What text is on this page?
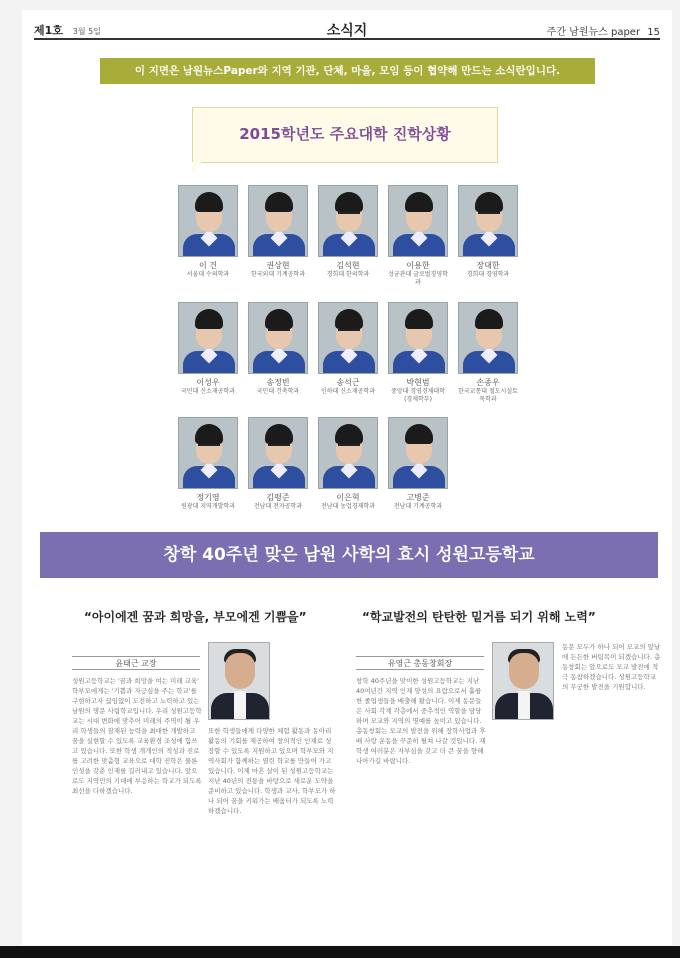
제1호 3월 5일	소식지	주간 남원뉴스 paper 15
이 지면은 남원뉴스Paper와 지역 기관, 단체, 마을, 모임 등이 협약해 만드는 소식란입니다.
2015학년도 주요대학 진학상황
이 건
서울대 수의학과
권상현
한국외대 기계공학과
김석현
경희대 한의학과
이용한
성균관대 글로벌경영학과
장대한
경희대 경영학과
이성우
국민대 신소재공학과
송정빈
국민대 건축학과
송석근
인하대 신소재공학과
박현범
중앙대 경영경제대학 (경제학부)
손종우
한국교통대 철도시설토목학과
정기영
원광대 지역개발학과
김평준
전남대 전자공학과
이은혁
전남대 농업경제학과
고병준
전남대 기계공학과
창학 40주년 맞은 남원 사학의 효시 성원고등학교
“아이에겐 꿈과 희망을, 부모에겐 기쁨을”
윤태근 교장

성원고등학교는 '꿈과 희망을 여는 미래 교육' 학부모에게는 '기쁨과 자긍심을 주는 학교'를 구현하고자 끊임없이 도전하고 노력하고 있는 남원의 명문 사립학교입니다. 우리 성원고등학교는 시대 변화에 맞추어 미래의 주역이 될 우리 학생들의 잠재된 능력을 최대한 개발하고 꿈을 실현할 수 있도록 교육환경 조성에 힘쓰고 있습니다. 또한 학생 개개인의 적성과 진로를 고려한 맞춤형 교육으로 대학 진학은 물론 인성을 갖춘 인재를 길러내고 있습니다. 앞으로도 지역민의 기대에 부응하는 학교가 되도록 최선을 다하겠습니다.

또한 학생들에게 다양한 체험 활동과 동아리 활동의 기회를 제공하여 창의적인 인재로 성장할 수 있도록 지원하고 있으며 학부모와 지역사회가 함께하는 열린 학교를 만들어 가고 있습니다. 이제 마흔 살이 된 성원고등학교는 지난 40년의 전통을 바탕으로 새로운 도약을 준비하고 있습니다. 학생과 교사, 학부모가 하나 되어 꿈을 키워가는 배움터가 되도록 노력하겠습니다.

“학교발전의 탄탄한 밑거름 되기 위해 노력”
유영근 총동창회장

창학 40주년을 맞이한 성원고등학교는 지난 40여년간 지역 인재 양성의 요람으로서 훌륭한 졸업생들을 배출해 왔습니다. 이제 동문들은 사회 각계 각층에서 중추적인 역할을 담당하며 모교와 지역의 명예를 높이고 있습니다. 총동창회는 모교의 발전을 위해 장학사업과 후배 사랑 운동을 꾸준히 펼쳐 나갈 것입니다. 재학생 여러분은 자부심을 갖고 더 큰 꿈을 향해 나아가길 바랍니다.

동문 모두가 하나 되어 모교의 앞날에 든든한 버팀목이 되겠습니다. 총동창회는 앞으로도 모교 발전에 적극 동참하겠습니다. 성원고등학교의 무궁한 발전을 기원합니다.
